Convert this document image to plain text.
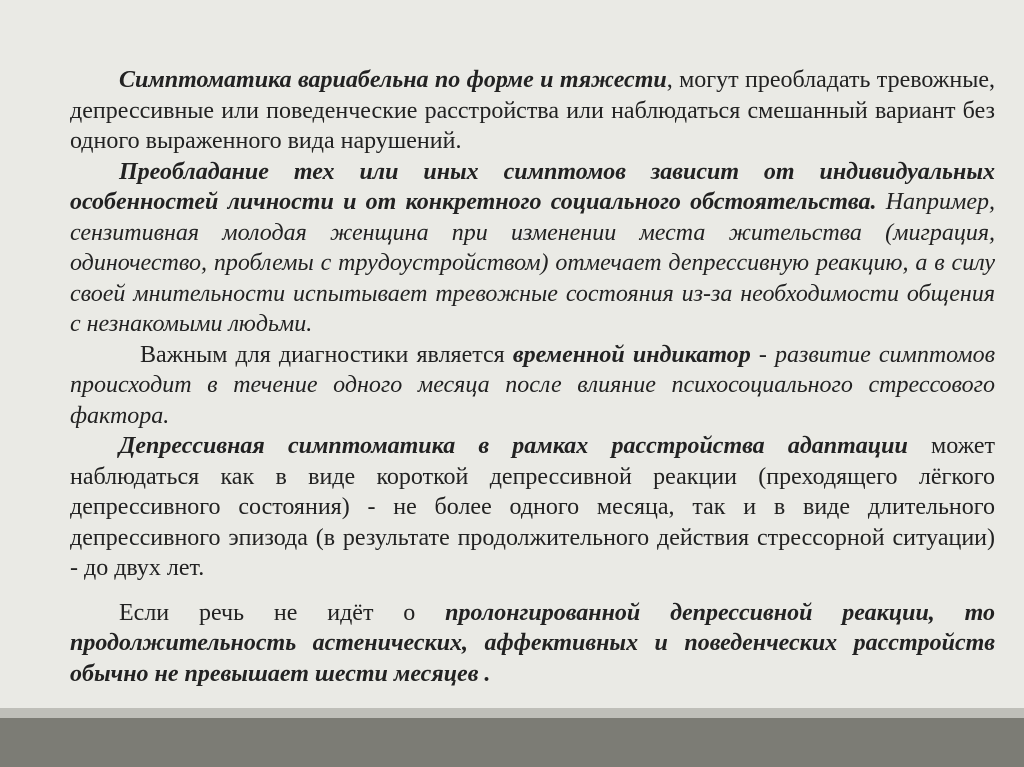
Симптоматика вариабельна по форме и тяжести, могут преобладать тревожные, депрессивные или поведенческие расстройства или наблюдаться смешанный вариант без одного выраженного вида нарушений.

Преобладание тех или иных симптомов зависит от индивидуальных особенностей личности и от конкретного социального обстоятельства. Например, сензитивная молодая женщина при изменении места жительства (миграция, одиночество, проблемы с трудоустройством) отмечает депрессивную реакцию, а в силу своей мнительности испытывает тревожные состояния из-за необходимости общения с незнакомыми людьми.

Важным для диагностики является временной индикатор - развитие симптомов происходит в течение одного месяца после влияние психосоциального стрессового фактора.

Депрессивная симптоматика в рамках расстройства адаптации может наблюдаться как в виде короткой депрессивной реакции (преходящего лёгкого депрессивного состояния) - не более одного месяца, так и в виде длительного депрессивного эпизода (в результате продолжительного действия стрессорной ситуации) - до двух лет.

Если речь не идёт о пролонгированной депрессивной реакции, то продолжительность астенических, аффективных и поведенческих расстройств обычно не превышает шести месяцев .
